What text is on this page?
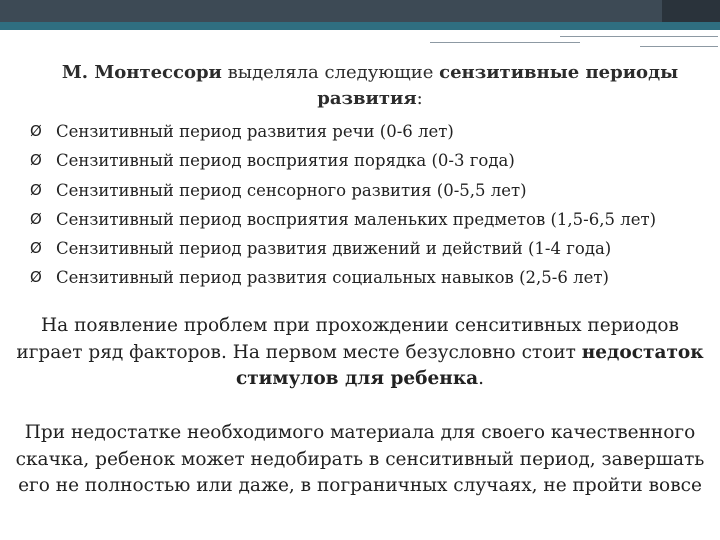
М. Монтессори выделяла следующие сензитивные периоды развития:
Ø Сензитивный период развития речи (0-6 лет)
Ø Сензитивный период восприятия порядка (0-3 года)
Ø Сензитивный период сенсорного развития (0-5,5 лет)
Ø Сензитивный период восприятия маленьких предметов (1,5-6,5 лет)
Ø Сензитивный период развития движений и действий (1-4 года)
Ø Сензитивный период развития социальных навыков (2,5-6 лет)
На появление проблем при прохождении сенситивных периодов играет ряд факторов. На первом месте безусловно стоит недостаток стимулов для ребенка.
При недостатке необходимого материала для своего качественного скачка, ребенок может недобирать в сенситивный период, завершать его не полностью или даже, в пограничных случаях, не пройти вовсе
